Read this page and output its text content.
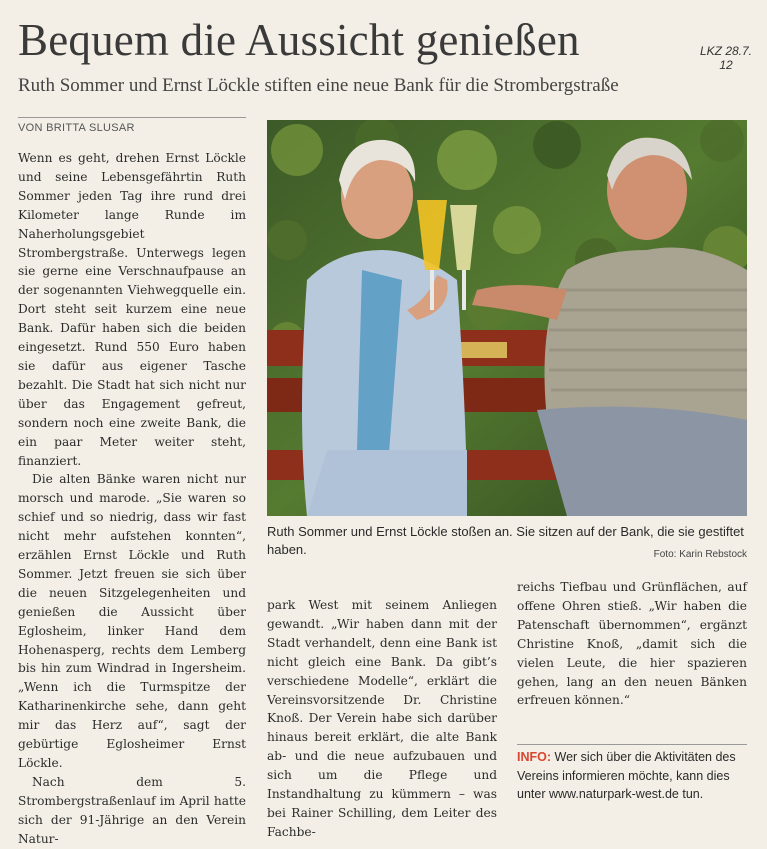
Bequem die Aussicht genießen	LKZ 28.7.
12
Ruth Sommer und Ernst Löckle stiften eine neue Bank für die Strombergstraße
VON BRITTA SLUSAR

Wenn es geht, drehen Ernst Löckle und seine Lebensgefährtin Ruth Sommer jeden Tag ihre rund drei Kilometer lange Runde im Naherholungsgebiet Strombergstraße. Unterwegs legen sie gerne eine Verschnaufpause an der sogenannten Viehwegquelle ein. Dort steht seit kurzem eine neue Bank. Dafür haben sich die beiden eingesetzt. Rund 550 Euro haben sie dafür aus eigener Tasche bezahlt. Die Stadt hat sich nicht nur über das Engagement gefreut, sondern noch eine zweite Bank, die ein paar Meter weiter steht, finanziert.

Die alten Bänke waren nicht nur morsch und marode. „Sie waren so schief und so niedrig, dass wir fast nicht mehr aufstehen konnten“, erzählen Ernst Löckle und Ruth Sommer. Jetzt freuen sie sich über die neuen Sitzgelegenheiten und genießen die Aussicht über Eglosheim, linker Hand dem Hohenasperg, rechts dem Lemberg bis hin zum Windrad in Ingersheim. „Wenn ich die Turmspitze der Katharinenkirche sehe, dann geht mir das Herz auf“, sagt der gebürtige Eglosheimer Ernst Löckle.

Nach dem 5. Strombergstraßenlauf im April hatte sich der 91-Jährige an den Verein Natur-

Ruth Sommer und Ernst Löckle stoßen an. Sie sitzen auf der Bank, die sie gestiftet haben.	Foto: Karin Rebstock

park West mit seinem Anliegen gewandt. „Wir haben dann mit der Stadt verhandelt, denn eine Bank ist nicht gleich eine Bank. Da gibt’s verschiedene Modelle“, erklärt die Vereinsvorsitzende Dr. Christine Knoß. Der Verein habe sich darüber hinaus bereit erklärt, die alte Bank ab- und die neue aufzubauen und sich um die Pflege und Instandhaltung zu kümmern – was bei Rainer Schilling, dem Leiter des Fachbe-

reichs Tiefbau und Grünflächen, auf offene Ohren stieß. „Wir haben die Patenschaft übernommen“, ergänzt Christine Knoß, „damit sich die vielen Leute, die hier spazieren gehen, lang an den neuen Bänken erfreuen können.“

INFO: Wer sich über die Aktivitäten des Vereins informieren möchte, kann dies unter www.naturpark-west.de tun.
